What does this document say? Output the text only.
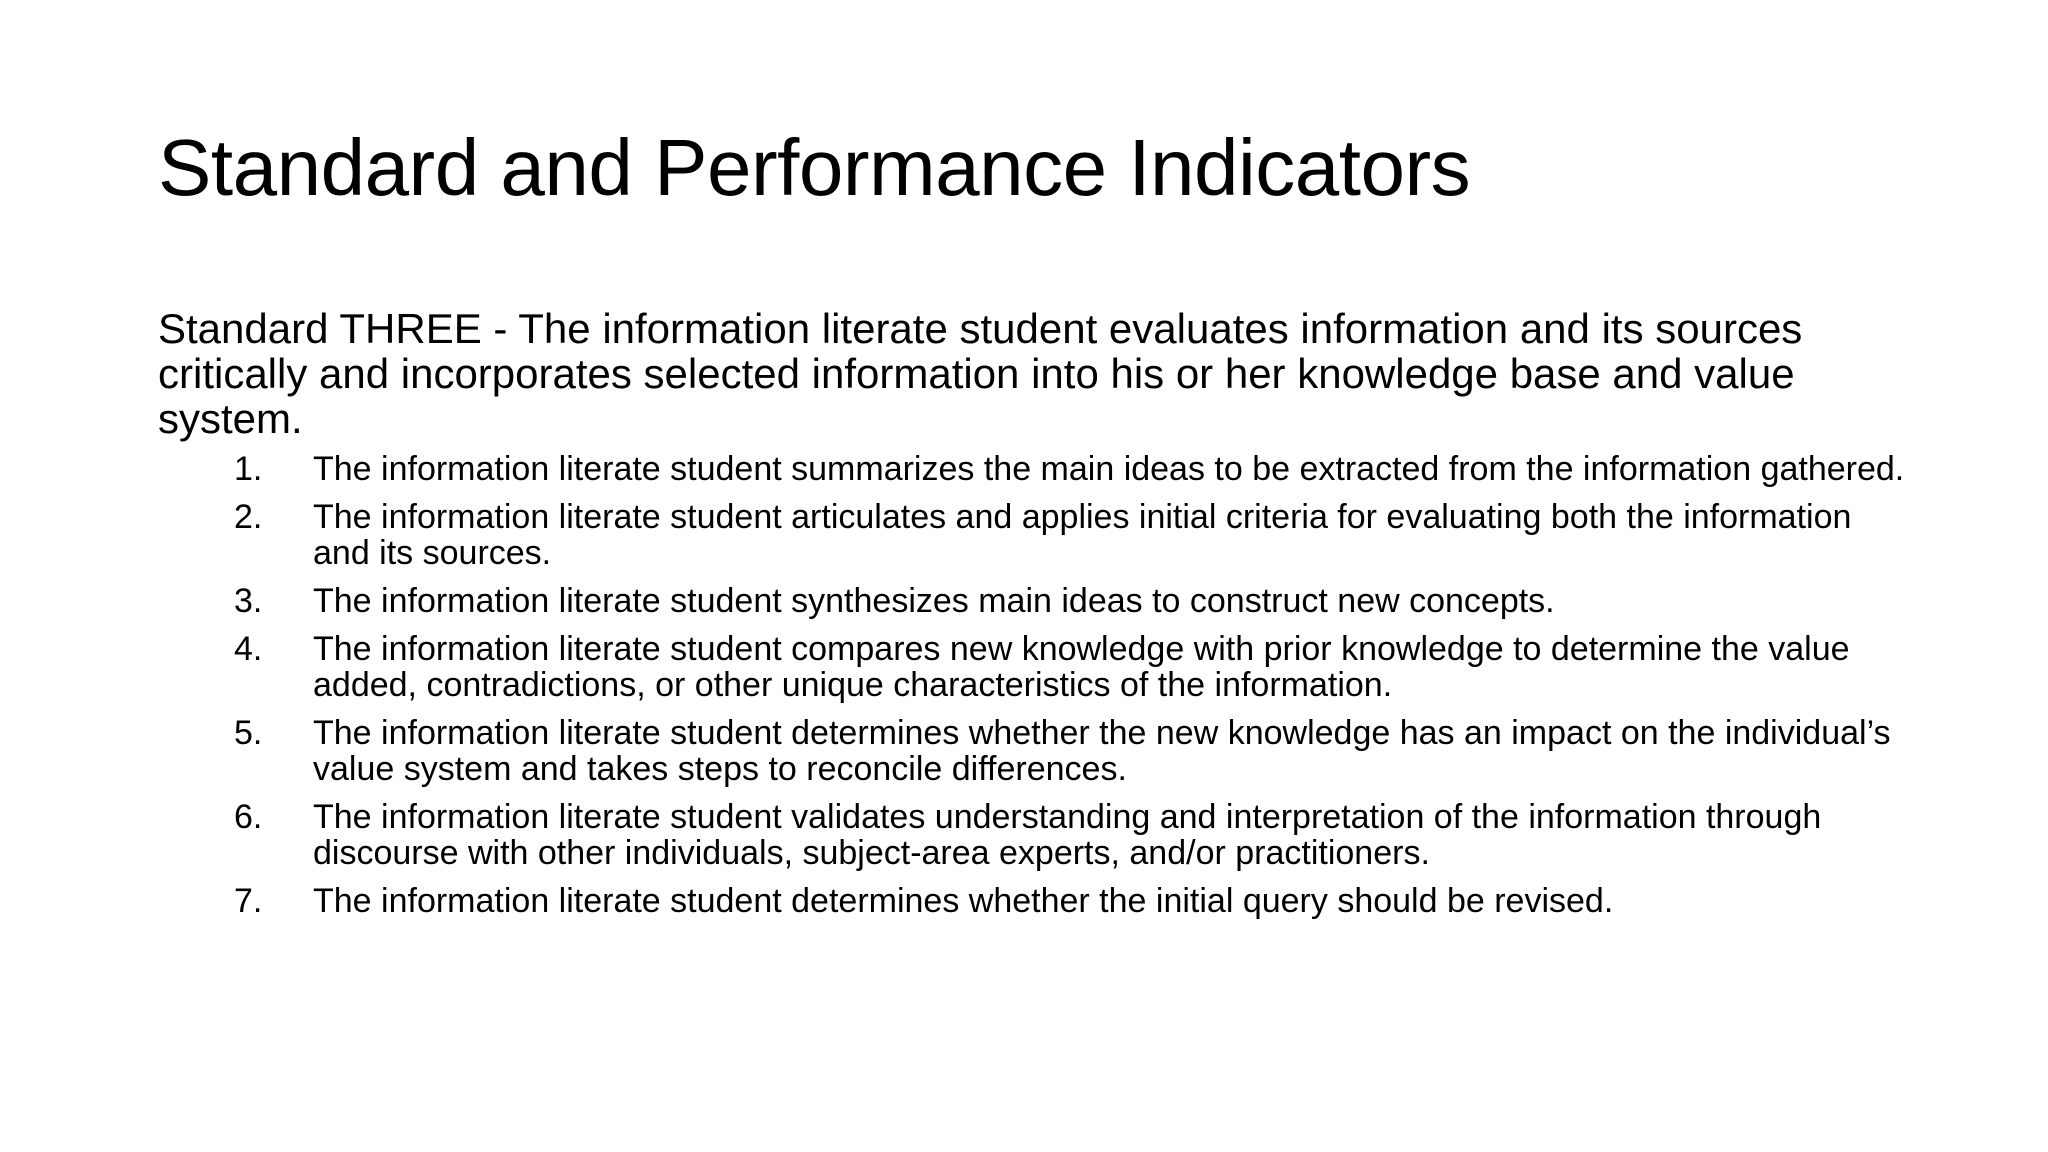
Standard and Performance Indicators

Standard THREE - The information literate student evaluates information and its sources critically and incorporates selected information into his or her knowledge base and value system.

1.	The information literate student summarizes the main ideas to be extracted from the information gathered.
2.	The information literate student articulates and applies initial criteria for evaluating both the information and its sources.
3.	The information literate student synthesizes main ideas to construct new concepts.
4.	The information literate student compares new knowledge with prior knowledge to determine the value added, contradictions, or other unique characteristics of the information.
5.	The information literate student determines whether the new knowledge has an impact on the individual’s value system and takes steps to reconcile differences.
6.	The information literate student validates understanding and interpretation of the information through discourse with other individuals, subject-area experts, and/or practitioners.
7.	The information literate student determines whether the initial query should be revised.
